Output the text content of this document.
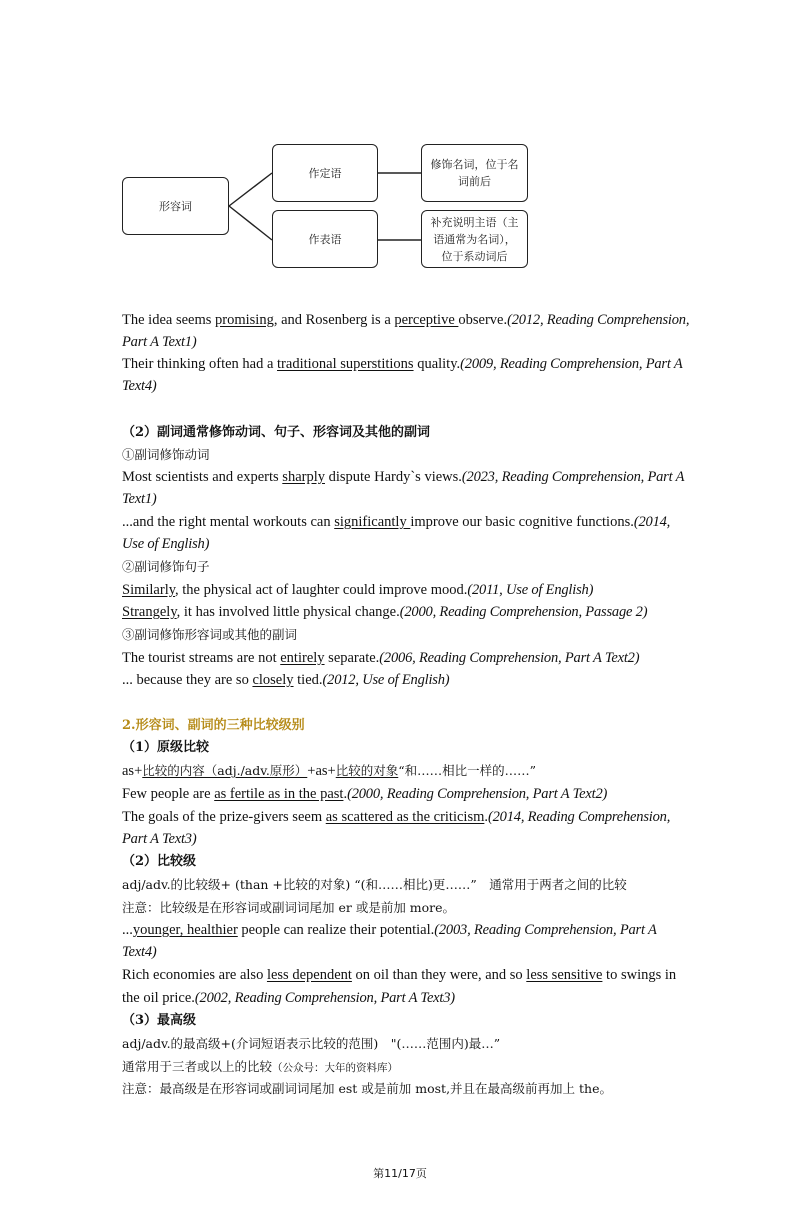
形容词
作定语
作表语
修饰名词，位于名词前后
补充说明主语（主语通常为名词），位于系动词后
The idea seems promising, and Rosenberg is a perceptive observe.(2012, Reading Comprehension,
Part A Text1)
Their thinking often had a traditional superstitions quality.(2009, Reading Comprehension, Part A
Text4)
（2）副词通常修饰动词、句子、形容词及其他的副词
①副词修饰动词
Most scientists and experts sharply dispute Hardy`s views.(2023, Reading Comprehension, Part A
Text1)
...and the right mental workouts can significantly improve our basic cognitive functions.(2014,
Use of English)
②副词修饰句子
Similarly, the physical act of laughter could improve mood.(2011, Use of English)
Strangely, it has involved little physical change.(2000, Reading Comprehension, Passage 2)
③副词修饰形容词或其他的副词
The tourist streams are not entirely separate.(2006, Reading Comprehension, Part A Text2)
... because they are so closely tied.(2012, Use of English)
2.形容词、副词的三种比较级别
（1）原级比较
as+比较的内容（adj./adv.原形）+as+比较的对象“和……相比一样的……”
Few people are as fertile as in the past.(2000, Reading Comprehension, Part A Text2)
The goals of the prize-givers seem as scattered as the criticism.(2014, Reading Comprehension,
Part A Text3)
（2）比较级
adj/adv.的比较级+ (than +比较的对象) “(和……相比)更……”　通常用于两者之间的比较
注意：比较级是在形容词或副词词尾加 er 或是前加 more。
...younger, healthier people can realize their potential.(2003, Reading Comprehension, Part A
Text4)
Rich economies are also less dependent on oil than they were, and so less sensitive to swings in
the oil price.(2002, Reading Comprehension, Part A Text3)
（3）最高级
adj/adv.的最高级+(介词短语表示比较的范围)　"(……范围内)最…”
通常用于三者或以上的比较（公众号：大年的资料库）
注意：最高级是在形容词或副词词尾加 est 或是前加 most,并且在最高级前再加上 the。
第11/17页
